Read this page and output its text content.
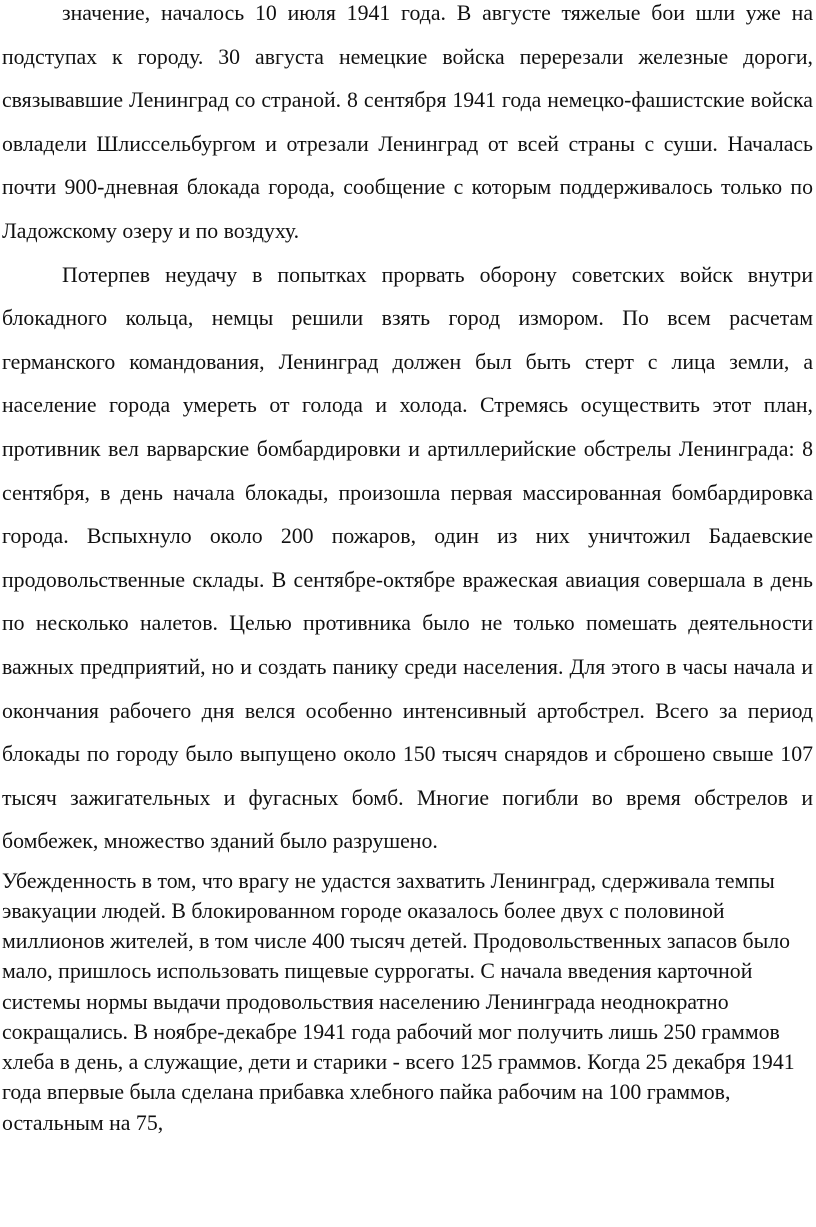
значение, началось 10 июля 1941 года. В августе тяжелые бои шли уже на подступах к городу. 30 августа немецкие войска перерезали железные дороги, связывавшие Ленинград со страной. 8 сентября 1941 года немецко-фашистские войска овладели Шлиссельбургом и отрезали Ленинград от всей страны с суши. Началась почти 900-дневная блокада города, сообщение с которым поддерживалось только по Ладожскому озеру и по воздуху.

Потерпев неудачу в попытках прорвать оборону советских войск внутри блокадного кольца, немцы решили взять город измором. По всем расчетам германского командования, Ленинград должен был быть стерт с лица земли, а население города умереть от голода и холода. Стремясь осуществить этот план, противник вел варварские бомбардировки и артиллерийские обстрелы Ленинграда: 8 сентября, в день начала блокады, произошла первая массированная бомбардировка города. Вспыхнуло около 200 пожаров, один из них уничтожил Бадаевские продовольственные склады. В сентябре-октябре вражеская авиация совершала в день по несколько налетов. Целью противника было не только помешать деятельности важных предприятий, но и создать панику среди населения. Для этого в часы начала и окончания рабочего дня велся особенно интенсивный артобстрел. Всего за период блокады по городу было выпущено около 150 тысяч снарядов и сброшено свыше 107 тысяч зажигательных и фугасных бомб. Многие погибли во время обстрелов и бомбежек, множество зданий было разрушено.

Убежденность в том, что врагу не удастся захватить Ленинград, сдерживала темпы эвакуации людей. В блокированном городе оказалось более двух с половиной миллионов жителей, в том числе 400 тысяч детей. Продовольственных запасов было мало, пришлось использовать пищевые суррогаты. С начала введения карточной системы нормы выдачи продовольствия населению Ленинграда неоднократно сокращались. В ноябре-декабре 1941 года рабочий мог получить лишь 250 граммов хлеба в день, а служащие, дети и старики - всего 125 граммов. Когда 25 декабря 1941 года впервые была сделана прибавка хлебного пайка рабочим на 100 граммов, остальным на 75,
